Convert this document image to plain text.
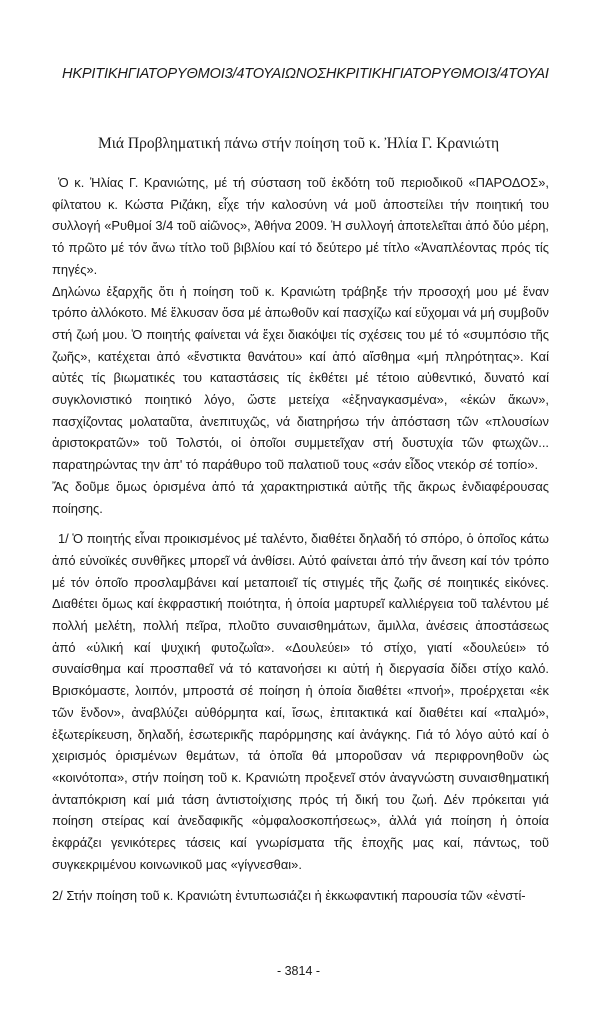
ΗΚΡΙΤΙΚΗΓΙΑΤΟΡΥΘΜΟΙ3/4ΤΟΥΑΙΩΝΟΣΗΚΡΙΤΙΚΗΓΙΑΤΟΡΥΘΜΟΙ3/4ΤΟΥΑΙ
Μιά Προβληματική πάνω στήν ποίηση τοῦ κ. Ἠλία Γ. Κρανιώτη

Ὁ κ. Ἠλίας Γ. Κρανιώτης, μέ τή σύσταση τοῦ ἐκδότη τοῦ περιοδικοῦ «ΠΑΡΟΔΟΣ», φίλτατου κ. Κώστα Ριζάκη, εἶχε τήν καλοσύνη νά μοῦ ἀποστείλει τήν ποιητική του συλλογή «Ρυθμοί 3/4 τοῦ αἰῶνος», Ἀθήνα 2009. Ἡ συλλογή ἀποτελεῖται ἀπό δύο μέρη, τό πρῶτο μέ τόν ἄνω τίτλο τοῦ βιβλίου καί τό δεύτερο μέ τίτλο «Ἀναπλέοντας πρός τίς πηγές».

Δηλώνω ἐξαρχῆς ὅτι ἡ ποίηση τοῦ κ. Κρανιώτη τράβηξε τήν προσοχή μου μέ ἕναν τρόπο ἀλλόκοτο. Μέ ἕλκυσαν ὅσα μέ ἀπωθοῦν καί πασχίζω καί εὔχομαι νά μή συμβοῦν στή ζωή μου. Ὁ ποιητής φαίνεται νά ἔχει διακόψει τίς σχέσεις του μέ τό «συμπόσιο τῆς ζωῆς», κατέχεται ἀπό «ἔνστικτα θανάτου» καί ἀπό αἴσθημα «μή πληρότητας». Καί αὐτές τίς βιωματικές του καταστάσεις τίς ἐκθέτει μέ τέτοιο αὐθεντικό, δυνατό καί συγκλονιστικό ποιητικό λόγο, ὥστε μετείχα «ἐξηναγκασμένα», «ἑκών ἄκων», πασχίζοντας μολαταῦτα, ἀνεπιτυχῶς, νά διατηρήσω τήν ἀπόσταση τῶν «πλουσίων ἀριστοκρατῶν» τοῦ Τολστόι, οἱ ὁποῖοι συμμετεῖχαν στή δυστυχία τῶν φτωχῶν... παρατηρώντας την ἀπ' τό παράθυρο τοῦ παλατιοῦ τους «σάν εἶδος ντεκόρ σέ τοπίο».

Ἄς δοῦμε ὅμως ὁρισμένα ἀπό τά χαρακτηριστικά αὐτῆς τῆς ἄκρως ἐνδιαφέρουσας ποίησης.

1/ Ὁ ποιητής εἶναι προικισμένος μέ ταλέντο, διαθέτει δηλαδή τό σπόρο, ὁ ὁποῖος κάτω ἀπό εὐνοϊκές συνθῆκες μπορεῖ νά ἀνθίσει. Αὐτό φαίνεται ἀπό τήν ἄνεση καί τόν τρόπο μέ τόν ὁποῖο προσλαμβάνει καί μεταποιεῖ τίς στιγμές τῆς ζωῆς σέ ποιητικές εἰκόνες. Διαθέτει ὅμως καί ἐκφραστική ποιότητα, ἡ ὁποία μαρτυρεῖ καλλιέργεια τοῦ ταλέντου μέ πολλή μελέτη, πολλή πεῖρα, πλοῦτο συναισθημάτων, ἅμιλλα, ἀνέσεις ἀποστάσεως ἀπό «ὑλική καί ψυχική φυτοζωΐα». «Δουλεύει» τό στίχο, γιατί «δουλεύει» τό συναίσθημα καί προσπαθεῖ νά τό κατανοήσει κι αὐτή ἡ διεργασία δίδει στίχο καλό. Βρισκόμαστε, λοιπόν, μπροστά σέ ποίηση ἡ ὁποία διαθέτει «πνοή», προέρχεται «ἐκ τῶν ἔνδον», ἀναβλύζει αὐθόρμητα καί, ἴσως, ἐπιτακτικά καί διαθέτει καί «παλμό», ἐξωτερίκευση, δηλαδή, ἐσωτερικῆς παρόρμησης καί ἀνάγκης. Γιά τό λόγο αὐτό καί ὁ χειρισμός ὁρισμένων θεμάτων, τά ὁποῖα θά μποροῦσαν νά περιφρονηθοῦν ὡς «κοινότοπα», στήν ποίηση τοῦ κ. Κρανιώτη προξενεῖ στόν ἀναγνώστη συναισθηματική ἀνταπόκριση καί μιά τάση ἀντιστοίχισης πρός τή δική του ζωή. Δέν πρόκειται γιά ποίηση στείρας καί ἀνεδαφικῆς «ὀμφαλοσκοπήσεως», ἀλλά γιά ποίηση ἡ ὁποία ἐκφράζει γενικότερες τάσεις καί γνωρίσματα τῆς ἐποχῆς μας καί, πάντως, τοῦ συγκεκριμένου κοινωνικοῦ μας «γίγνεσθαι».

2/ Στήν ποίηση τοῦ κ. Κρανιώτη ἐντυπωσιάζει ἡ ἐκκωφαντική παρουσία τῶν «ἐνστί-

- 3814 -
